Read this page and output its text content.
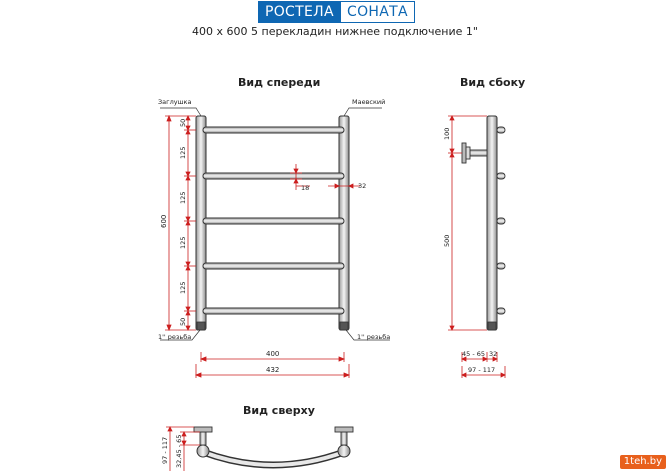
РОСТЕЛА СОНАТА
400 x 600 5 перекладин нижнее подключение 1"
Вид спереди	Вид сбоку
Вид сверху
Заглушка	Маевский
1'' резьба	1'' резьба
600
50
125
125
125
125
50
18	32
400
432
100
500
45 - 65 32
97 - 117
97 - 117 32,45 - 65	1teh.by
